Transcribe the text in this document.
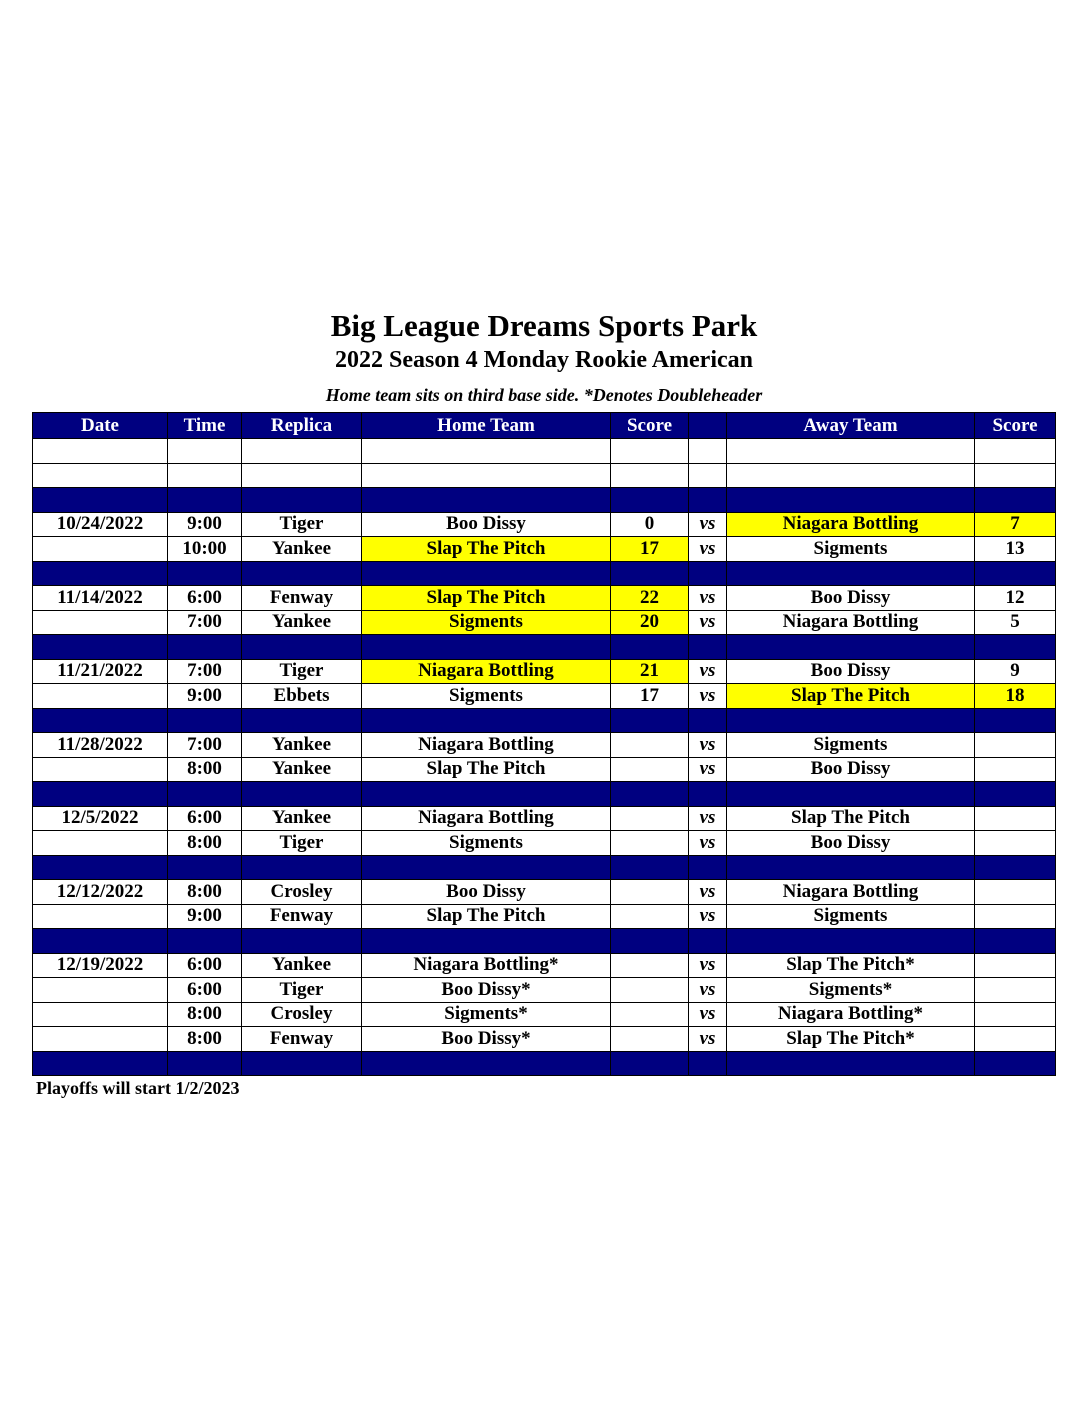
Big League Dreams Sports Park
2022 Season 4 Monday Rookie American
Home team sits on third base side. *Denotes Doubleheader
Date	Time	Replica	Home Team	Score		Away Team	Score

10/24/2022	9:00	Tiger	Boo Dissy	0	vs	Niagara Bottling	7
	10:00	Yankee	Slap The Pitch	17	vs	Sigments	13

11/14/2022	6:00	Fenway	Slap The Pitch	22	vs	Boo Dissy	12
	7:00	Yankee	Sigments	20	vs	Niagara Bottling	5

11/21/2022	7:00	Tiger	Niagara Bottling	21	vs	Boo Dissy	9
	9:00	Ebbets	Sigments	17	vs	Slap The Pitch	18

11/28/2022	7:00	Yankee	Niagara Bottling		vs	Sigments	
	8:00	Yankee	Slap The Pitch		vs	Boo Dissy	

12/5/2022	6:00	Yankee	Niagara Bottling		vs	Slap The Pitch	
	8:00	Tiger	Sigments		vs	Boo Dissy	

12/12/2022	8:00	Crosley	Boo Dissy		vs	Niagara Bottling	
	9:00	Fenway	Slap The Pitch		vs	Sigments	

12/19/2022	6:00	Yankee	Niagara Bottling*		vs	Slap The Pitch*	
	6:00	Tiger	Boo Dissy*		vs	Sigments*	
	8:00	Crosley	Sigments*		vs	Niagara Bottling*	
	8:00	Fenway	Boo Dissy*		vs	Slap The Pitch*	

Playoffs will start 1/2/2023
